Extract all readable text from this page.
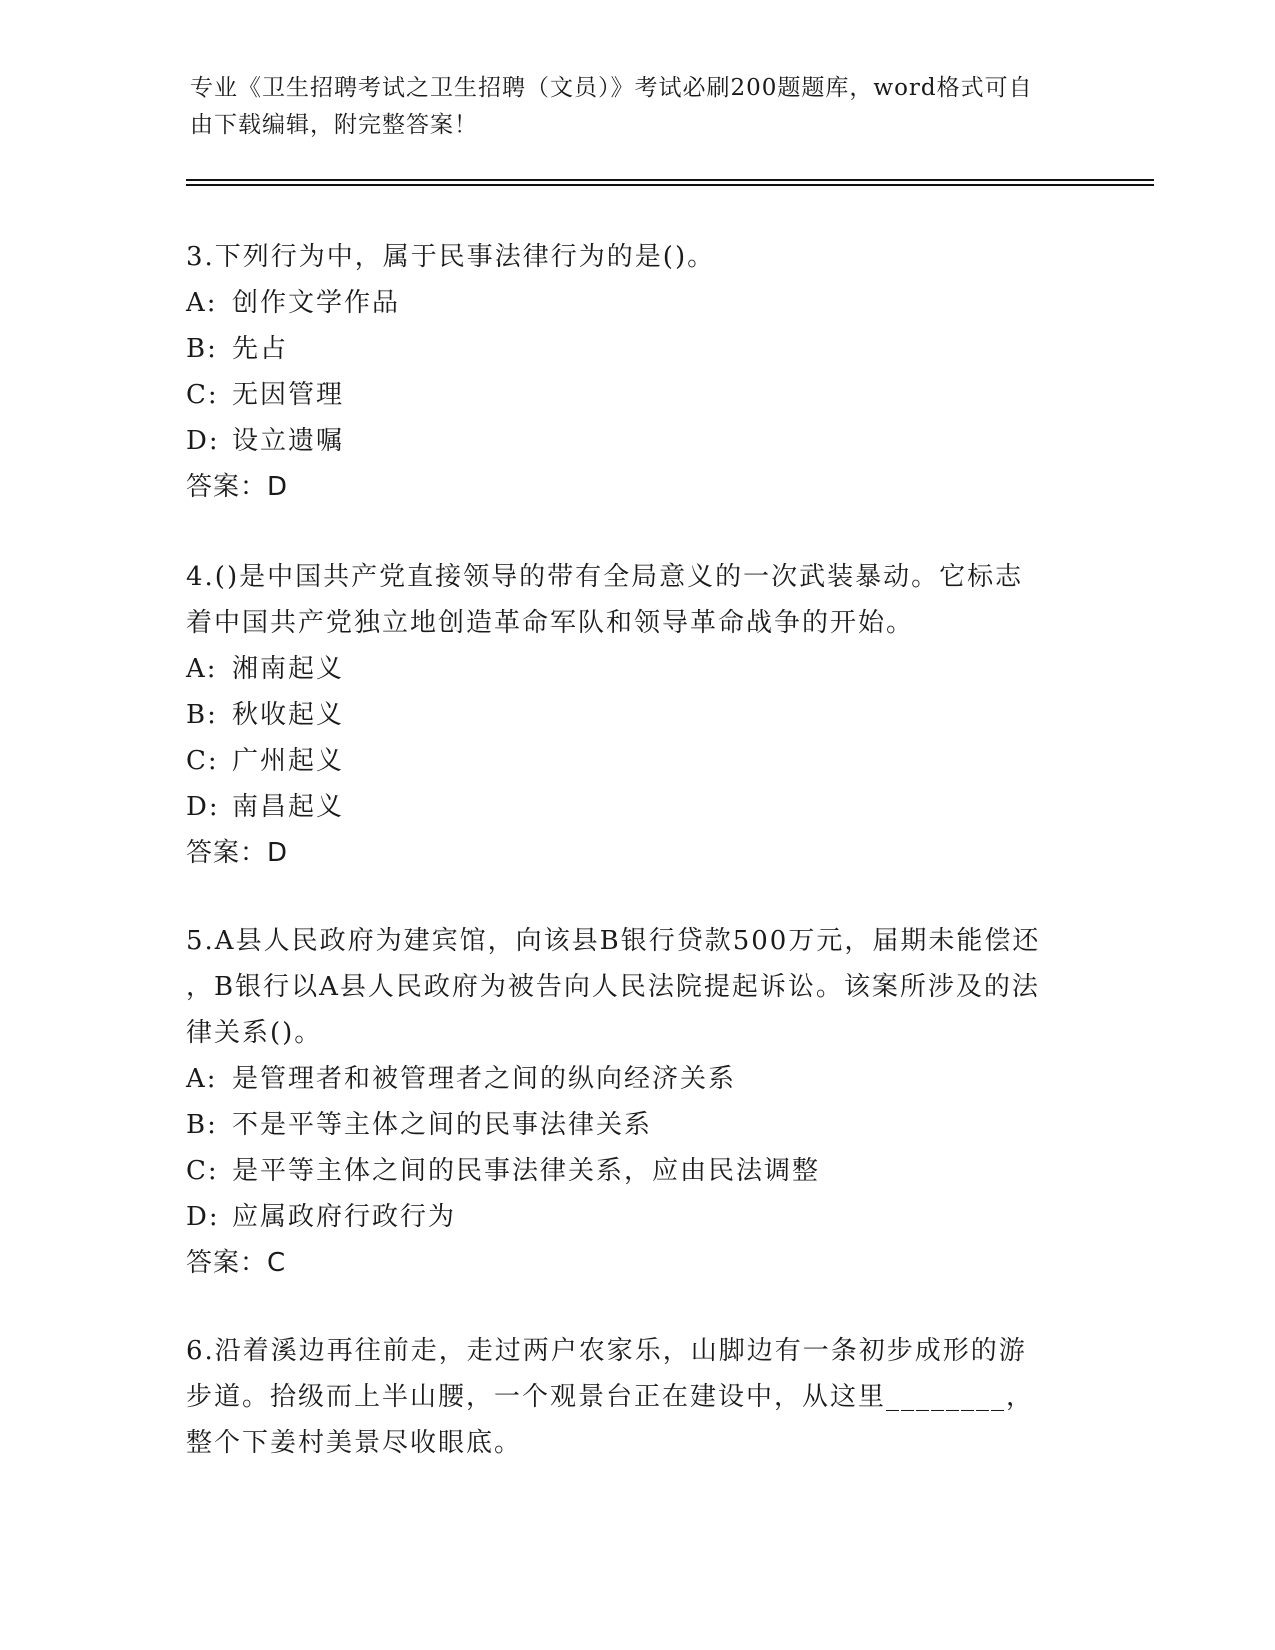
专业《卫生招聘考试之卫生招聘（文员）》考试必刷200题题库，word格式可自
由下载编辑，附完整答案！

3.下列行为中，属于民事法律行为的是()。

A: 创作文学作品

B: 先占

C: 无因管理

D: 设立遗嘱

答案：D

4.()是中国共产党直接领导的带有全局意义的一次武装暴动。它标志

着中国共产党独立地创造革命军队和领导革命战争的开始。

A: 湘南起义

B: 秋收起义

C: 广州起义

D: 南昌起义

答案：D

5.A县人民政府为建宾馆，向该县B银行贷款500万元，届期未能偿还

，B银行以A县人民政府为被告向人民法院提起诉讼。该案所涉及的法

律关系()。

A: 是管理者和被管理者之间的纵向经济关系

B: 不是平等主体之间的民事法律关系

C: 是平等主体之间的民事法律关系，应由民法调整

D: 应属政府行政行为

答案：C

6.沿着溪边再往前走，走过两户农家乐，山脚边有一条初步成形的游

步道。拾级而上半山腰，一个观景台正在建设中，从这里________，

整个下姜村美景尽收眼底。
